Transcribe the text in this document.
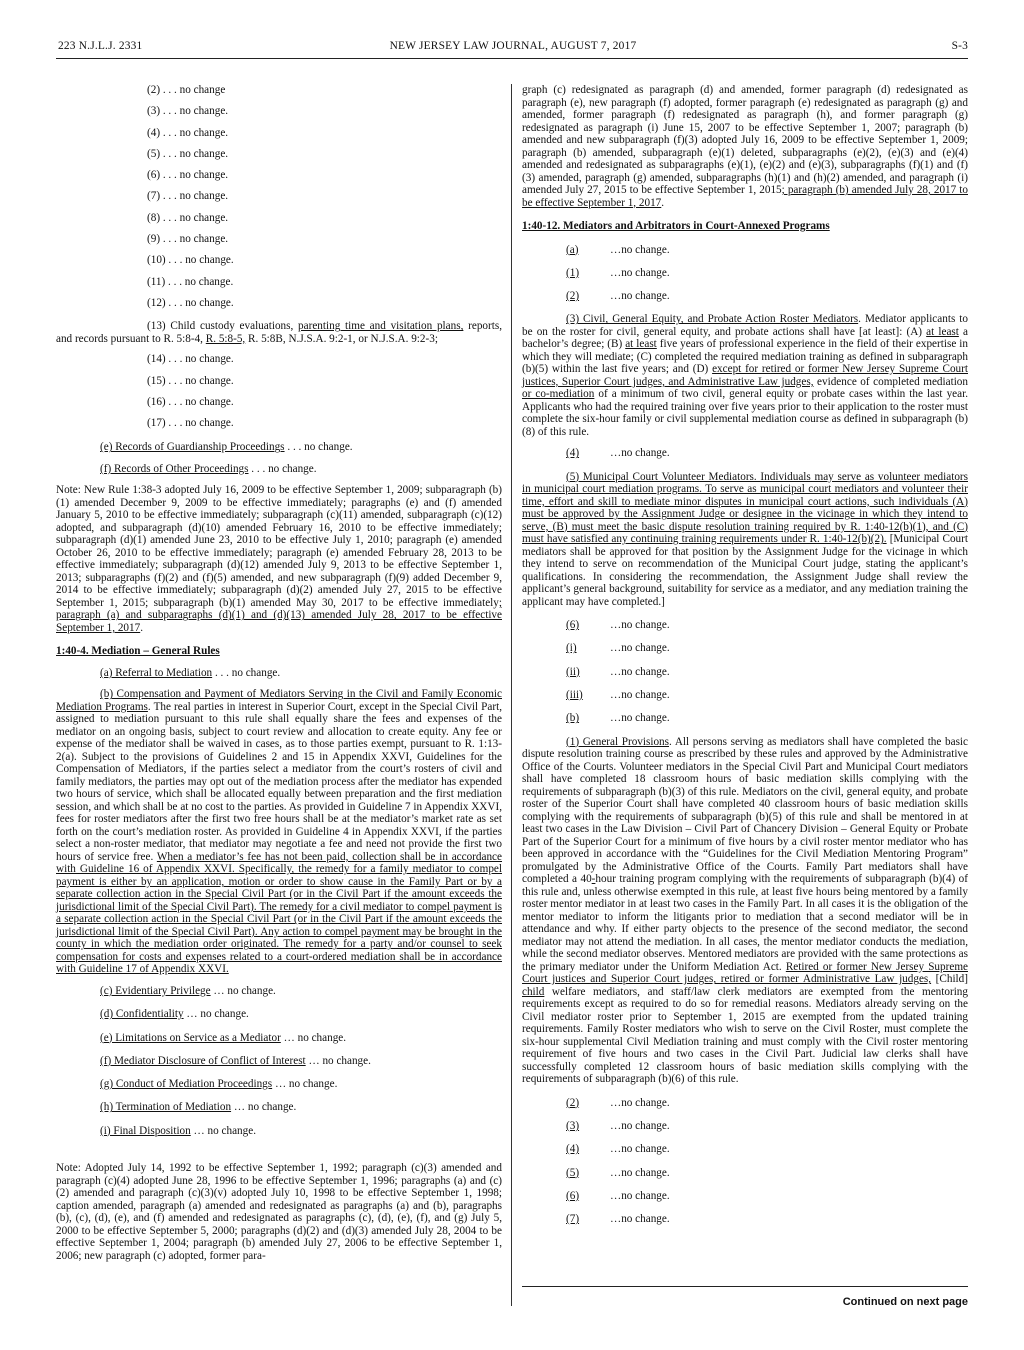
223 N.J.L.J. 2331	NEW JERSEY LAW JOURNAL, AUGUST 7, 2017	S-3

(2) . . . no change

(3) . . . no change.

(4) . . . no change.

(5) . . . no change.

(6) . . . no change.

(7) . . . no change.

(8) . . . no change.

(9) . . . no change.

(10) . . . no change.

(11) . . . no change.

(12) . . . no change.

(13) Child custody evaluations, parenting time and visitation plans, reports, and records pursuant to R. 5:8-4, R. 5:8-5, R. 5:8B, N.J.S.A. 9:2-1, or N.J.S.A. 9:2-3;

(14) . . . no change.

(15) . . . no change.

(16) . . . no change.

(17) . . . no change.

(e) Records of Guardianship Proceedings . . . no change.

(f) Records of Other Proceedings . . . no change.

Note: New Rule 1:38-3 adopted July 16, 2009 to be effective September 1, 2009; subparagraph (b)(1) amended December 9, 2009 to be effective immediately; paragraphs (e) and (f) amended January 5, 2010 to be effective immediately; subparagraph (c)(11) amended, subparagraph (c)(12) adopted, and subparagraph (d)(10) amended February 16, 2010 to be effective immediately; subparagraph (d)(1) amended June 23, 2010 to be effective July 1, 2010; paragraph (e) amended October 26, 2010 to be effective immediately; paragraph (e) amended February 28, 2013 to be effective immediately; subparagraph (d)(12) amended July 9, 2013 to be effective September 1, 2013; subparagraphs (f)(2) and (f)(5) amended, and new subparagraph (f)(9) added December 9, 2014 to be effective immediately; subparagraph (d)(2) amended July 27, 2015 to be effective September 1, 2015; subparagraph (b)(1) amended May 30, 2017 to be effective immediately; paragraph (a) and subparagraphs (d)(1) and (d)(13) amended July 28, 2017 to be effective September 1, 2017.

1:40-4. Mediation – General Rules

(a) Referral to Mediation . . . no change.

(b) Compensation and Payment of Mediators Serving in the Civil and Family Economic Mediation Programs. The real parties in interest in Superior Court, except in the Special Civil Part, assigned to mediation pursuant to this rule shall equally share the fees and expenses of the mediator on an ongoing basis, subject to court review and allocation to create equity. Any fee or expense of the mediator shall be waived in cases, as to those parties exempt, pursuant to R. 1:13-2(a). Subject to the provisions of Guidelines 2 and 15 in Appendix XXVI, Guidelines for the Compensation of Mediators, if the parties select a mediator from the court’s rosters of civil and family mediators, the parties may opt out of the mediation process after the mediator has expended two hours of service, which shall be allocated equally between preparation and the first mediation session, and which shall be at no cost to the parties. As provided in Guideline 7 in Appendix XXVI, fees for roster mediators after the first two free hours shall be at the mediator’s market rate as set forth on the court’s mediation roster. As provided in Guideline 4 in Appendix XXVI, if the parties select a non-roster mediator, that mediator may negotiate a fee and need not provide the first two hours of service free. When a mediator’s fee has not been paid, collection shall be in accordance with Guideline 16 of Appendix XXVI. Specifically, the remedy for a family mediator to compel payment is either by an application, motion or order to show cause in the Family Part or by a separate collection action in the Special Civil Part (or in the Civil Part if the amount exceeds the jurisdictional limit of the Special Civil Part). The remedy for a civil mediator to compel payment is a separate collection action in the Special Civil Part (or in the Civil Part if the amount exceeds the jurisdictional limit of the Special Civil Part). Any action to compel payment may be brought in the county in which the mediation order originated. The remedy for a party and/or counsel to seek compensation for costs and expenses related to a court-ordered mediation shall be in accordance with Guideline 17 of Appendix XXVI.

(c) Evidentiary Privilege … no change.

(d) Confidentiality … no change.

(e) Limitations on Service as a Mediator … no change.

(f) Mediator Disclosure of Conflict of Interest … no change.

(g) Conduct of Mediation Proceedings … no change.

(h) Termination of Mediation … no change.

(i) Final Disposition … no change.

Note: Adopted July 14, 1992 to be effective September 1, 1992; paragraph (c)(3) amended and paragraph (c)(4) adopted June 28, 1996 to be effective September 1, 1996; paragraphs (a) and (c)(2) amended and paragraph (c)(3)(v) adopted July 10, 1998 to be effective September 1, 1998; caption amended, paragraph (a) amended and redesignated as paragraphs (a) and (b), paragraphs (b), (c), (d), (e), and (f) amended and redesignated as paragraphs (c), (d), (e), (f), and (g) July 5, 2000 to be effective September 5, 2000; paragraphs (d)(2) and (d)(3) amended July 28, 2004 to be effective September 1, 2004; paragraph (b) amended July 27, 2006 to be effective September 1, 2006; new paragraph (c) adopted, former para-

graph (c) redesignated as paragraph (d) and amended, former paragraph (d) redesignated as paragraph (e), new paragraph (f) adopted, former paragraph (e) redesignated as paragraph (g) and amended, former paragraph (f) redesignated as paragraph (h), and former paragraph (g) redesignated as paragraph (i) June 15, 2007 to be effective September 1, 2007; paragraph (b) amended and new subparagraph (f)(3) adopted July 16, 2009 to be effective September 1, 2009; paragraph (b) amended, subparagraph (e)(1) deleted, subparagraphs (e)(2), (e)(3) and (e)(4) amended and redesignated as subparagraphs (e)(1), (e)(2) and (e)(3), subparagraphs (f)(1) and (f)(3) amended, paragraph (g) amended, subparagraphs (h)(1) and (h)(2) amended, and paragraph (i) amended July 27, 2015 to be effective September 1, 2015; paragraph (b) amended July 28, 2017 to be effective September 1, 2017.

1:40-12. Mediators and Arbitrators in Court-Annexed Programs

(a)	…no change.
(1)	…no change.
(2)	…no change.

(3) Civil, General Equity, and Probate Action Roster Mediators. Mediator applicants to be on the roster for civil, general equity, and probate actions shall have [at least]: (A) at least a bachelor’s degree; (B) at least five years of professional experience in the field of their expertise in which they will mediate; (C) completed the required mediation training as defined in subparagraph (b)(5) within the last five years; and (D) except for retired or former New Jersey Supreme Court justices, Superior Court judges, and Administrative Law judges, evidence of completed mediation or co-mediation of a minimum of two civil, general equity or probate cases within the last year. Applicants who had the required training over five years prior to their application to the roster must complete the six-hour family or civil supplemental mediation course as defined in subparagraph (b)(8) of this rule.

(4)	…no change.

(5) Municipal Court Volunteer Mediators. Individuals may serve as volunteer mediators in municipal court mediation programs. To serve as municipal court mediators and volunteer their time, effort and skill to mediate minor disputes in municipal court actions, such individuals (A) must be approved by the Assignment Judge or designee in the vicinage in which they intend to serve, (B) must meet the basic dispute resolution training required by R. 1:40-12(b)(1), and (C) must have satisfied any continuing training requirements under R. 1:40-12(b)(2). [Municipal Court mediators shall be approved for that position by the Assignment Judge for the vicinage in which they intend to serve on recommendation of the Municipal Court judge, stating the applicant’s qualifications. In considering the recommendation, the Assignment Judge shall review the applicant’s general background, suitability for service as a mediator, and any mediation training the applicant may have completed.]

(6)	…no change.
(i)	…no change.
(ii)	…no change.
(iii) …no change.
(b)	…no change.

(1) General Provisions. All persons serving as mediators shall have completed the basic dispute resolution training course as prescribed by these rules and approved by the Administrative Office of the Courts. Volunteer mediators in the Special Civil Part and Municipal Court mediators shall have completed 18 classroom hours of basic mediation skills complying with the requirements of subparagraph (b)(3) of this rule. Mediators on the civil, general equity, and probate roster of the Superior Court shall have completed 40 classroom hours of basic mediation skills complying with the requirements of subparagraph (b)(5) of this rule and shall be mentored in at least two cases in the Law Division – Civil Part of Chancery Division – General Equity or Probate Part of the Superior Court for a minimum of five hours by a civil roster mentor mediator who has been approved in accordance with the “Guidelines for the Civil Mediation Mentoring Program” promulgated by the Administrative Office of the Courts. Family Part mediators shall have completed a 40-hour training program complying with the requirements of subparagraph (b)(4) of this rule and, unless otherwise exempted in this rule, at least five hours being mentored by a family roster mentor mediator in at least two cases in the Family Part. In all cases it is the obligation of the mentor mediator to inform the litigants prior to mediation that a second mediator will be in attendance and why. If either party objects to the presence of the second mediator, the second mediator may not attend the mediation. In all cases, the mentor mediator conducts the mediation, while the second mediator observes. Mentored mediators are provided with the same protections as the primary mediator under the Uniform Mediation Act. Retired or former New Jersey Supreme Court justices and Superior Court judges, retired or former Administrative Law judges, [Child] child welfare mediators, and staff/law clerk mediators are exempted from the mentoring requirements except as required to do so for remedial reasons. Mediators already serving on the Civil mediator roster prior to September 1, 2015 are exempted from the updated training requirements. Family Roster mediators who wish to serve on the Civil Roster, must complete the six-hour supplemental Civil Mediation training and must comply with the Civil roster mentoring requirement of five hours and two cases in the Civil Part. Judicial law clerks shall have successfully completed 12 classroom hours of basic mediation skills complying with the requirements of subparagraph (b)(6) of this rule.

(2)	…no change.
(3)	…no change.
(4)	…no change.
(5)	…no change.
(6)	…no change.
(7)	…no change.
Continued on next page
